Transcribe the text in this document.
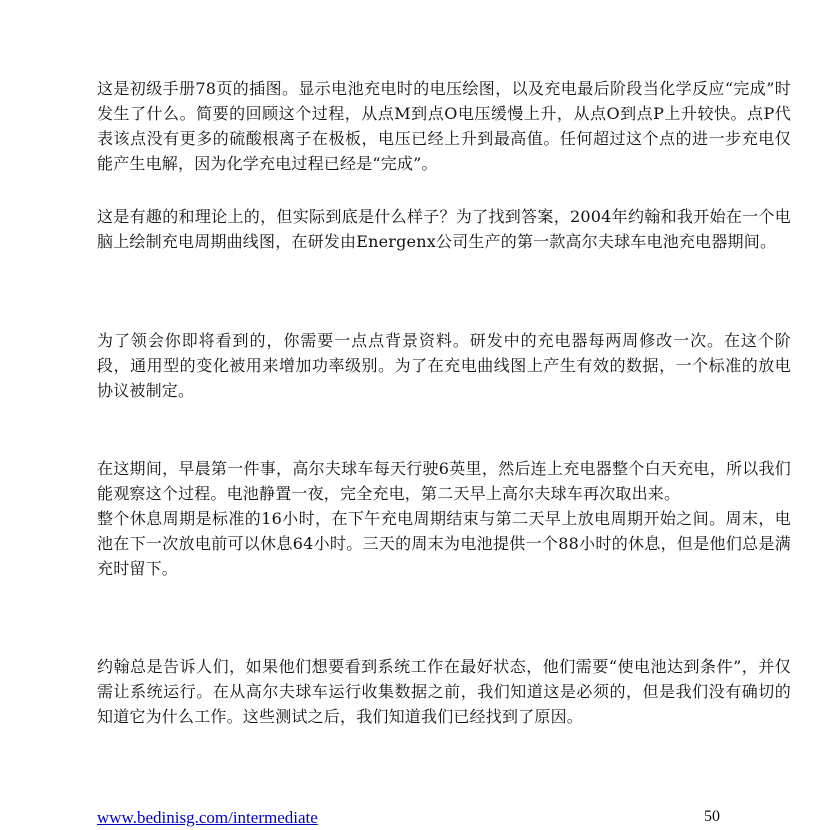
这是初级手册78页的插图。显示电池充电时的电压绘图，以及充电最后阶段当化学反应“完成”时发生了什么。简要的回顾这个过程，从点M到点O电压缓慢上升，从点O到点P上升较快。点P代表该点没有更多的硫酸根离子在极板，电压已经上升到最高值。任何超过这个点的进一步充电仅能产生电解，因为化学充电过程已经是“完成”。

这是有趣的和理论上的，但实际到底是什么样子？为了找到答案，2004年约翰和我开始在一个电脑上绘制充电周期曲线图，在研发由Energenx公司生产的第一款高尔夫球车电池充电器期间。

为了领会你即将看到的，你需要一点点背景资料。研发中的充电器每两周修改一次。在这个阶段，通用型的变化被用来增加功率级别。为了在充电曲线图上产生有效的数据，一个标准的放电协议被制定。

在这期间，早晨第一件事，高尔夫球车每天行驶6英里，然后连上充电器整个白天充电，所以我们能观察这个过程。电池静置一夜，完全充电，第二天早上高尔夫球车再次取出来。
整个休息周期是标准的16小时，在下午充电周期结束与第二天早上放电周期开始之间。周末，电池在下一次放电前可以休息64小时。三天的周末为电池提供一个88小时的休息，但是他们总是满充时留下。

约翰总是告诉人们，如果他们想要看到系统工作在最好状态，他们需要“使电池达到条件”，并仅需让系统运行。在从高尔夫球车运行收集数据之前，我们知道这是必须的，但是我们没有确切的知道它为什么工作。这些测试之后，我们知道我们已经找到了原因。

www.bedinisg.com/intermediate	50
